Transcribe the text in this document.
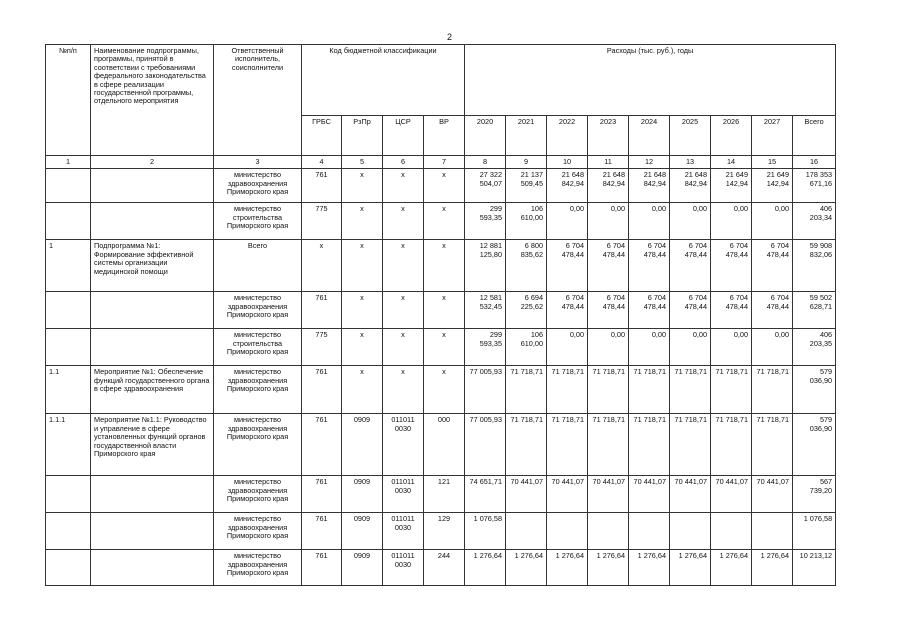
2
№п/п	Наименование подпрограммы, программы, принятой в соответствии с требованиями федерального законодательства в сфере реализации государственной программы, отдельного мероприятия	Ответственный исполнитель, соисполнители	Код бюджетной классификации				Расходы (тыс. руб.), годы								
			ГРБС	РзПр	ЦСР	ВР	2020	2021	2022	2023	2024	2025	2026	2027	Всего
1	2	3	4	5	6	7	8	9	10	11	12	13	14	15	16
		министерство здравоохранения Приморского края	761	x	x	x	27 322 504,07	21 137 509,45	21 648 842,94	21 648 842,94	21 648 842,94	21 648 842,94	21 649 142,94	21 649 142,94	178 353 671,16
		министерство строительства Приморского края	775	x	x	x	299 593,35	106 610,00	0,00	0,00	0,00	0,00	0,00	0,00	406 203,34
1	Подпрограмма №1: Формирование эффективной системы организации медицинской помощи	Всего	x	x	x	x	12 881 125,80	6 800 835,62	6 704 478,44	6 704 478,44	6 704 478,44	6 704 478,44	6 704 478,44	6 704 478,44	59 908 832,06
		министерство здравоохранения Приморского края	761	x	x	x	12 581 532,45	6 694 225,62	6 704 478,44	6 704 478,44	6 704 478,44	6 704 478,44	6 704 478,44	6 704 478,44	59 502 628,71
		министерство строительства Приморского края	775	x	x	x	299 593,35	106 610,00	0,00	0,00	0,00	0,00	0,00	0,00	406 203,35
1.1	Мероприятие №1: Обеспечение функций государственного органа в сфере здравоохранения	министерство здравоохранения Приморского края	761	x	x	x	77 005,93	71 718,71	71 718,71	71 718,71	71 718,71	71 718,71	71 718,71	71 718,71	579 036,90
1.1.1	Мероприятие №1.1: Руководство и управление в сфере установленных функций органов государственной власти Приморского края	министерство здравоохранения Приморского края	761	0909	011011 0030	000	77 005,93	71 718,71	71 718,71	71 718,71	71 718,71	71 718,71	71 718,71	71 718,71	579 036,90
		министерство здравоохранения Приморского края	761	0909	011011 0030	121	74 651,71	70 441,07	70 441,07	70 441,07	70 441,07	70 441,07	70 441,07	70 441,07	567 739,20
		министерство здравоохранения Приморского края	761	0909	011011 0030	129	1 076,58								1 076,58
		министерство здравоохранения Приморского края	761	0909	011011 0030	244	1 276,64	1 276,64	1 276,64	1 276,64	1 276,64	1 276,64	1 276,64	1 276,64	10 213,12
